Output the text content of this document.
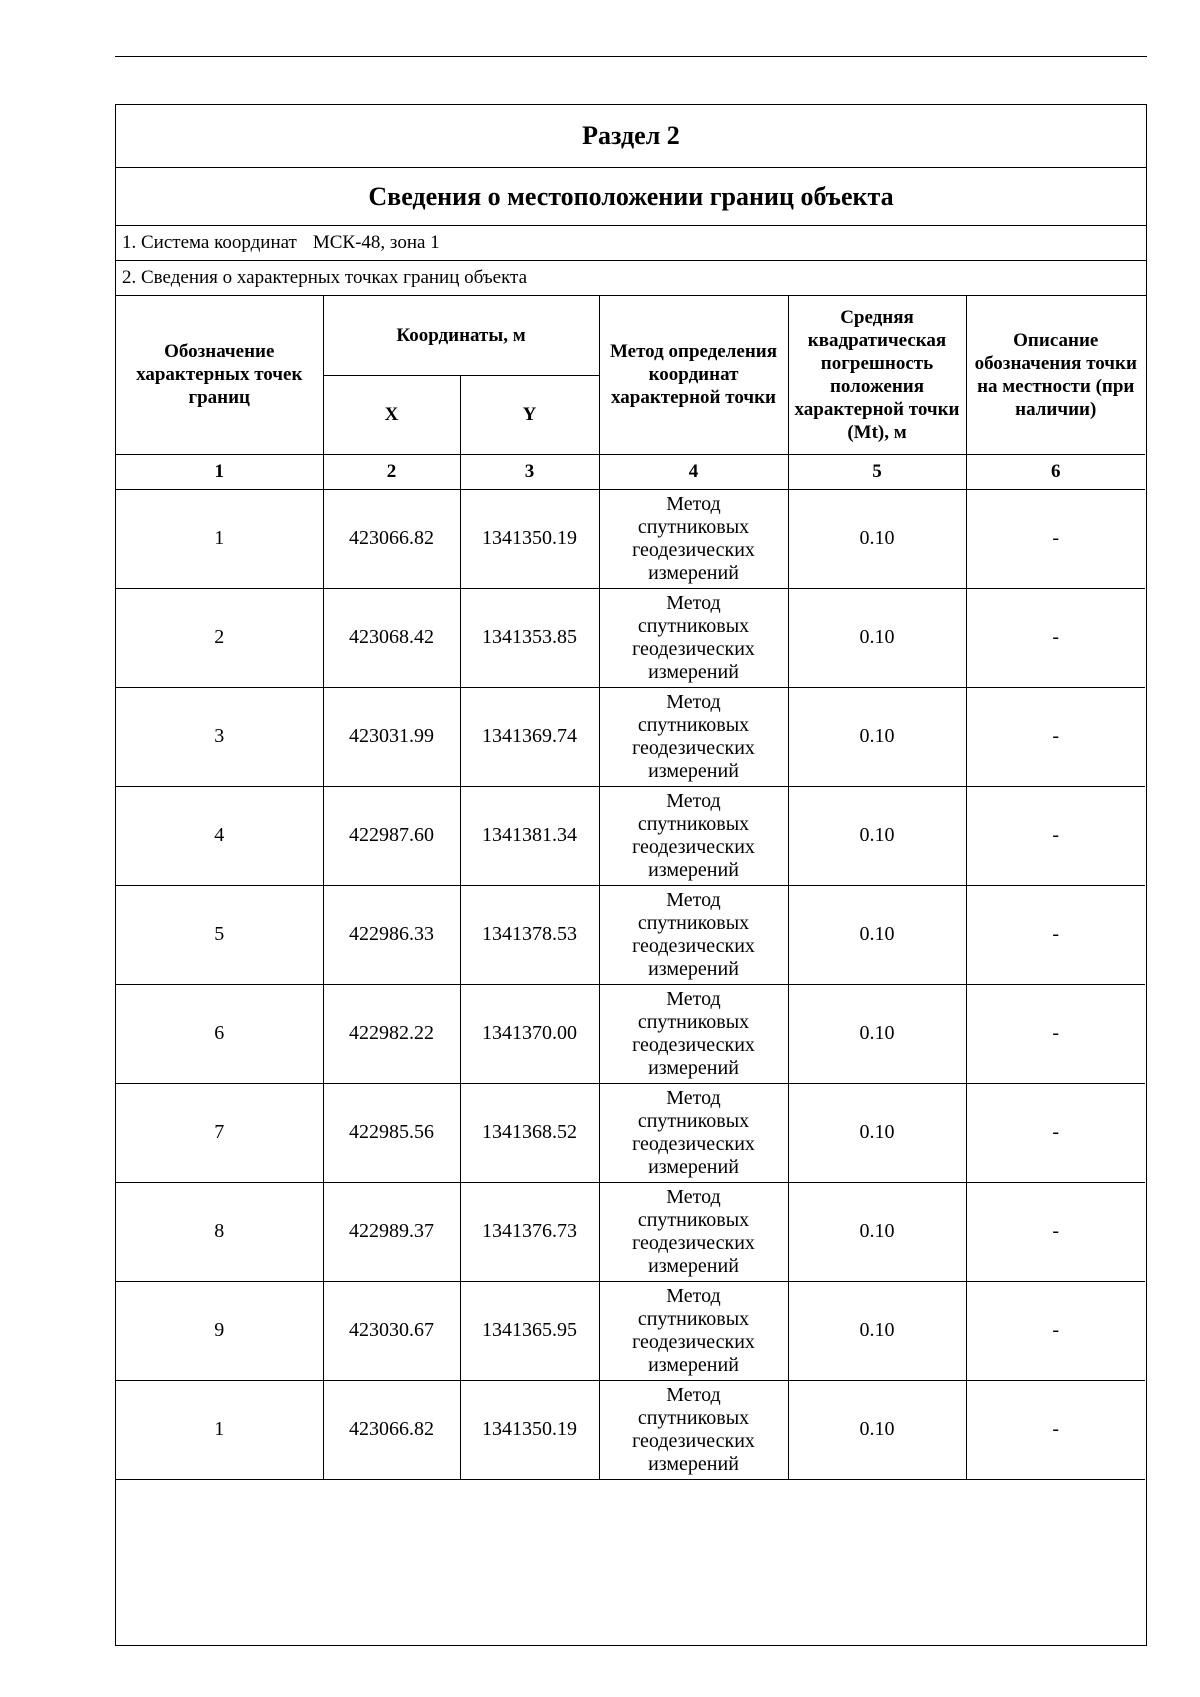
Раздел 2
Сведения о местоположении границ объекта
1. Система координат МСК-48, зона 1
2. Сведения о характерных точках границ объекта
Обозначение характерных точек границ	Координаты, м		Метод определения координат характерной точки	Средняя квадратическая погрешность положения характерной точки (Mt), м	Описание обозначения точки на местности (при наличии)
	X	Y			
1	2	3	4	5	6
1	423066.82	1341350.19	Метод
спутниковых
геодезических
измерений	0.10	-
2	423068.42	1341353.85	Метод
спутниковых
геодезических
измерений	0.10	-
3	423031.99	1341369.74	Метод
спутниковых
геодезических
измерений	0.10	-
4	422987.60	1341381.34	Метод
спутниковых
геодезических
измерений	0.10	-
5	422986.33	1341378.53	Метод
спутниковых
геодезических
измерений	0.10	-
6	422982.22	1341370.00	Метод
спутниковых
геодезических
измерений	0.10	-
7	422985.56	1341368.52	Метод
спутниковых
геодезических
измерений	0.10	-
8	422989.37	1341376.73	Метод
спутниковых
геодезических
измерений	0.10	-
9	423030.67	1341365.95	Метод
спутниковых
геодезических
измерений	0.10	-
1	423066.82	1341350.19	Метод
спутниковых
геодезических
измерений	0.10	-
